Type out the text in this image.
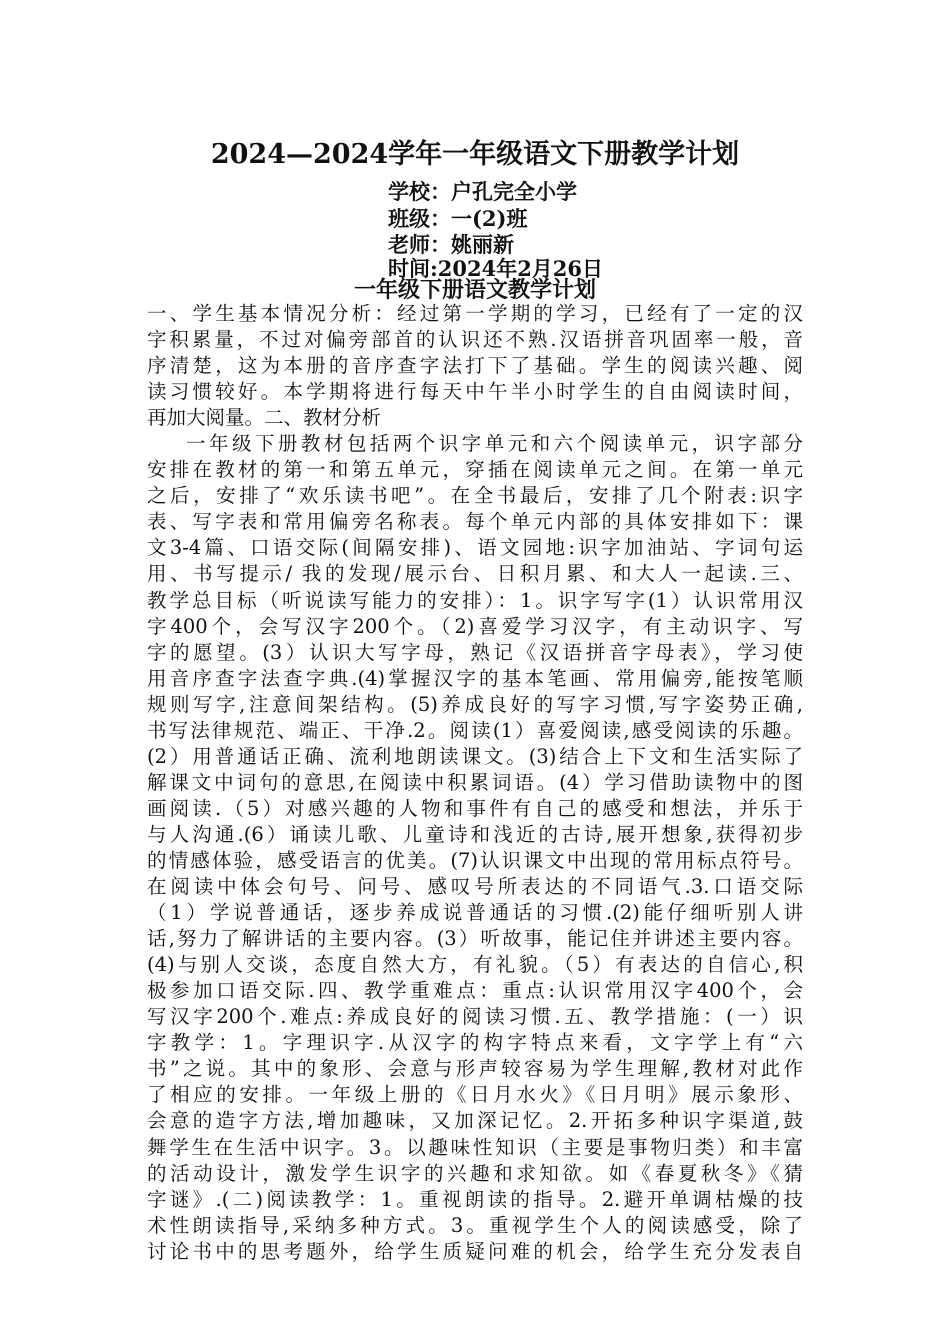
2024—2024学年一年级语文下册教学计划
学校：户孔完全小学
班级：一(2)班
老师：姚丽新
时间:2024年2月26日
一年级下册语文教学计划
一、学生基本情况分析：经过第一学期的学习，已经有了一定的汉
字积累量，不过对偏旁部首的认识还不熟.汉语拼音巩固率一般，音
序清楚，这为本册的音序查字法打下了基础。学生的阅读兴趣、阅
读习惯较好。本学期将进行每天中午半小时学生的自由阅读时间，
再加大阅量。二、教材分析
一年级下册教材包括两个识字单元和六个阅读单元，识字部分
安排在教材的第一和第五单元，穿插在阅读单元之间。在第一单元
之后，安排了“欢乐读书吧”。在全书最后，安排了几个附表:识字
表、写字表和常用偏旁名称表。每个单元内部的具体安排如下：课
文3-4篇、口语交际(间隔安排)、语文园地:识字加油站、字词句运
用、书写提示/ 我的发现/展示台、日积月累、和大人一起读.三、
教学总目标（听说读写能力的安排）：1。识字写字(1）认识常用汉
字400个，会写汉字200个。（2)喜爱学习汉字，有主动识字、写
字的愿望。(3）认识大写字母，熟记《汉语拼音字母表》，学习使
用音序查字法查字典.(4)掌握汉字的基本笔画、常用偏旁,能按笔顺
规则写字,注意间架结构。(5)养成良好的写字习惯,写字姿势正确,
书写法律规范、端正、干净.2。阅读(1）喜爱阅读,感受阅读的乐趣。
(2）用普通话正确、流利地朗读课文。(3)结合上下文和生活实际了
解课文中词句的意思,在阅读中积累词语。(4）学习借助读物中的图
画阅读.（5）对感兴趣的人物和事件有自己的感受和想法，并乐于
与人沟通.(6）诵读儿歌、儿童诗和浅近的古诗,展开想象,获得初步
的情感体验，感受语言的优美。(7)认识课文中出现的常用标点符号。
在阅读中体会句号、问号、感叹号所表达的不同语气.3.口语交际
（1）学说普通话，逐步养成说普通话的习惯.(2)能仔细听别人讲
话,努力了解讲话的主要内容。(3）听故事，能记住并讲述主要内容。
(4)与别人交谈，态度自然大方，有礼貌。（5）有表达的自信心,积
极参加口语交际.四、教学重难点：重点:认识常用汉字400个，会
写汉字200个.难点:养成良好的阅读习惯.五、教学措施：(一）识
字教学：1。字理识字.从汉字的构字特点来看，文字学上有“六
书”之说。其中的象形、会意与形声较容易为学生理解,教材对此作
了相应的安排。一年级上册的《日月水火》《日月明》展示象形、
会意的造字方法,增加趣味，又加深记忆。2.开拓多种识字渠道,鼓
舞学生在生活中识字。3。以趣味性知识（主要是事物归类）和丰富
的活动设计，激发学生识字的兴趣和求知欲。如《春夏秋冬》《猜
字谜》.(二)阅读教学：1。重视朗读的指导。2.避开单调枯燥的技
术性朗读指导,采纳多种方式。3。重视学生个人的阅读感受，除了
讨论书中的思考题外，给学生质疑问难的机会，给学生充分发表自
